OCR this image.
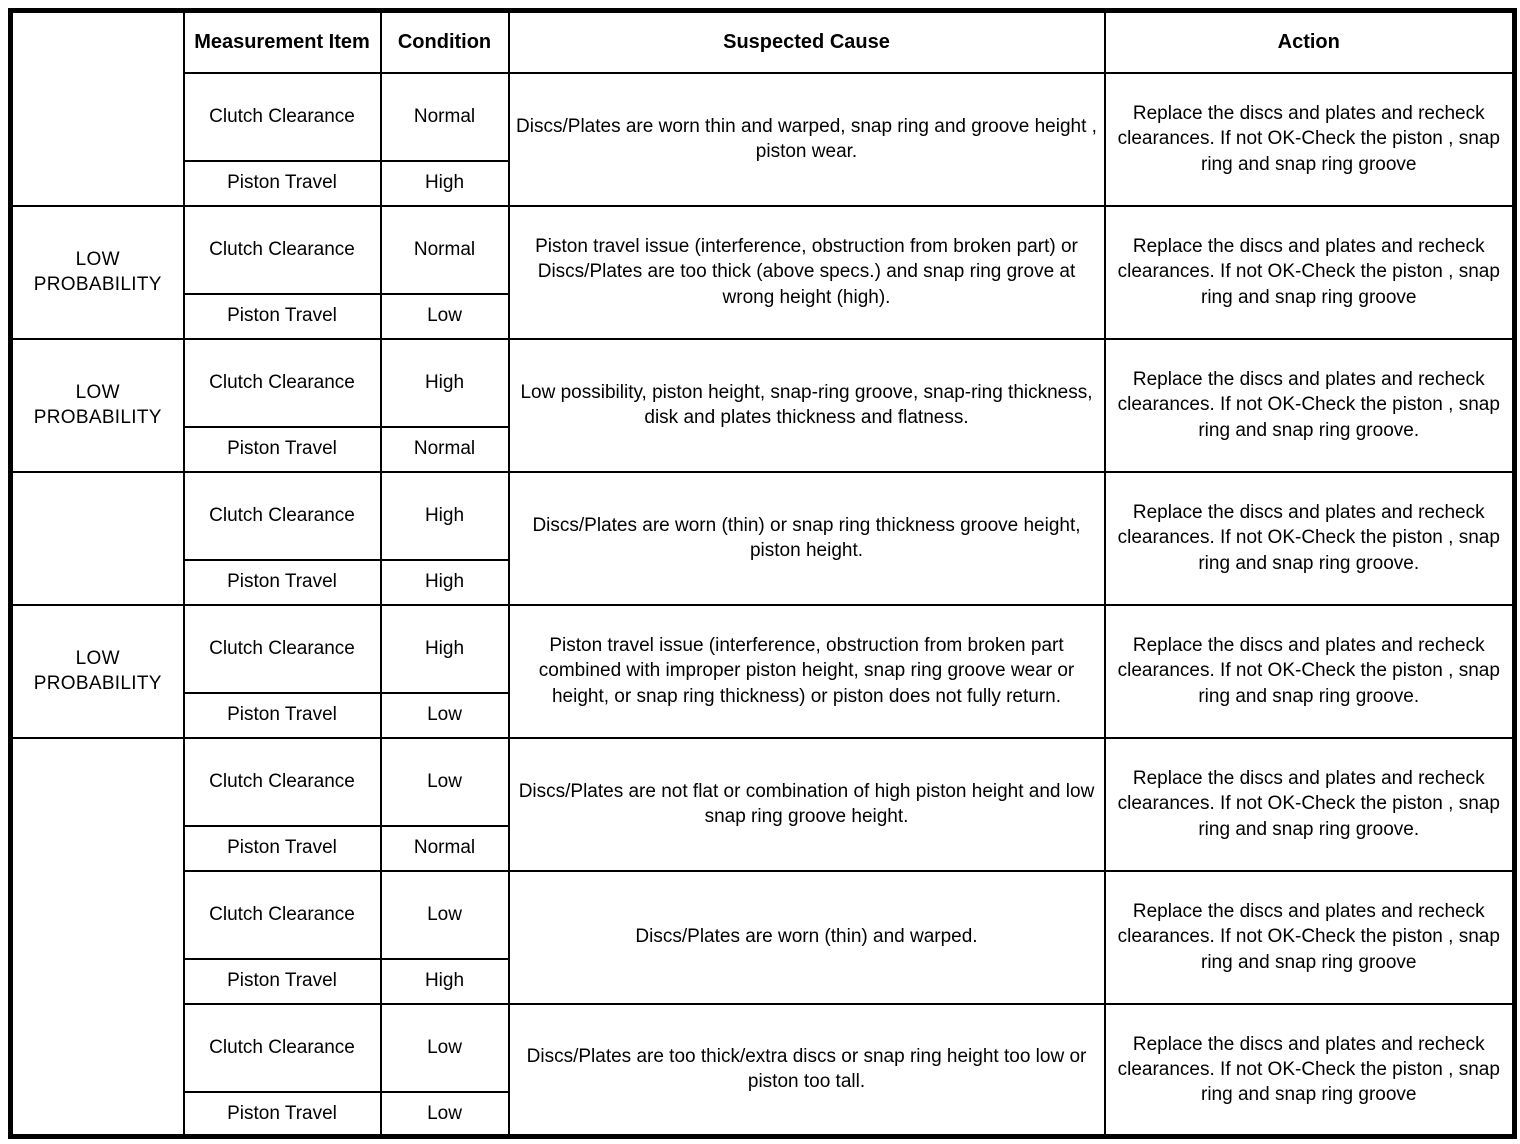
	Measurement Item	Condition	Suspected Cause	Action
	Clutch Clearance	Normal	Discs/Plates are worn thin and warped, snap ring and groove height , piston wear.	Replace the discs and plates and recheck clearances. If not OK-Check the piston , snap ring and snap ring groove
	Piston Travel	High		
LOW PROBABILITY	Clutch Clearance	Normal	Piston travel issue (interference, obstruction from broken part) or Discs/Plates are too thick (above specs.) and snap ring grove at wrong height (high).	Replace the discs and plates and recheck clearances. If not OK-Check the piston , snap ring and snap ring groove
	Piston Travel	Low		
LOW PROBABILITY	Clutch Clearance	High	Low possibility, piston height, snap-ring groove, snap-ring thickness, disk and plates thickness and flatness.	Replace the discs and plates and recheck clearances. If not OK-Check the piston , snap ring and snap ring groove.
	Piston Travel	Normal		
	Clutch Clearance	High	Discs/Plates are worn (thin) or snap ring thickness groove height, piston height.	Replace the discs and plates and recheck clearances. If not OK-Check the piston , snap ring and snap ring groove.
	Piston Travel	High		
LOW PROBABILITY	Clutch Clearance	High	Piston travel issue (interference, obstruction from broken part combined with improper piston height, snap ring groove wear or height, or snap ring thickness) or piston does not fully return.	Replace the discs and plates and recheck clearances. If not OK-Check the piston , snap ring and snap ring groove.
	Piston Travel	Low		
	Clutch Clearance	Low	Discs/Plates are not flat or combination of high piston height and low snap ring groove height.	Replace the discs and plates and recheck clearances. If not OK-Check the piston , snap ring and snap ring groove.
	Piston Travel	Normal		
	Clutch Clearance	Low	Discs/Plates are worn (thin) and warped.	Replace the discs and plates and recheck clearances. If not OK-Check the piston , snap ring and snap ring groove
	Piston Travel	High		
	Clutch Clearance	Low	Discs/Plates are too thick/extra discs or snap ring height too low or piston too tall.	Replace the discs and plates and recheck clearances. If not OK-Check the piston , snap ring and snap ring groove
	Piston Travel	Low		
